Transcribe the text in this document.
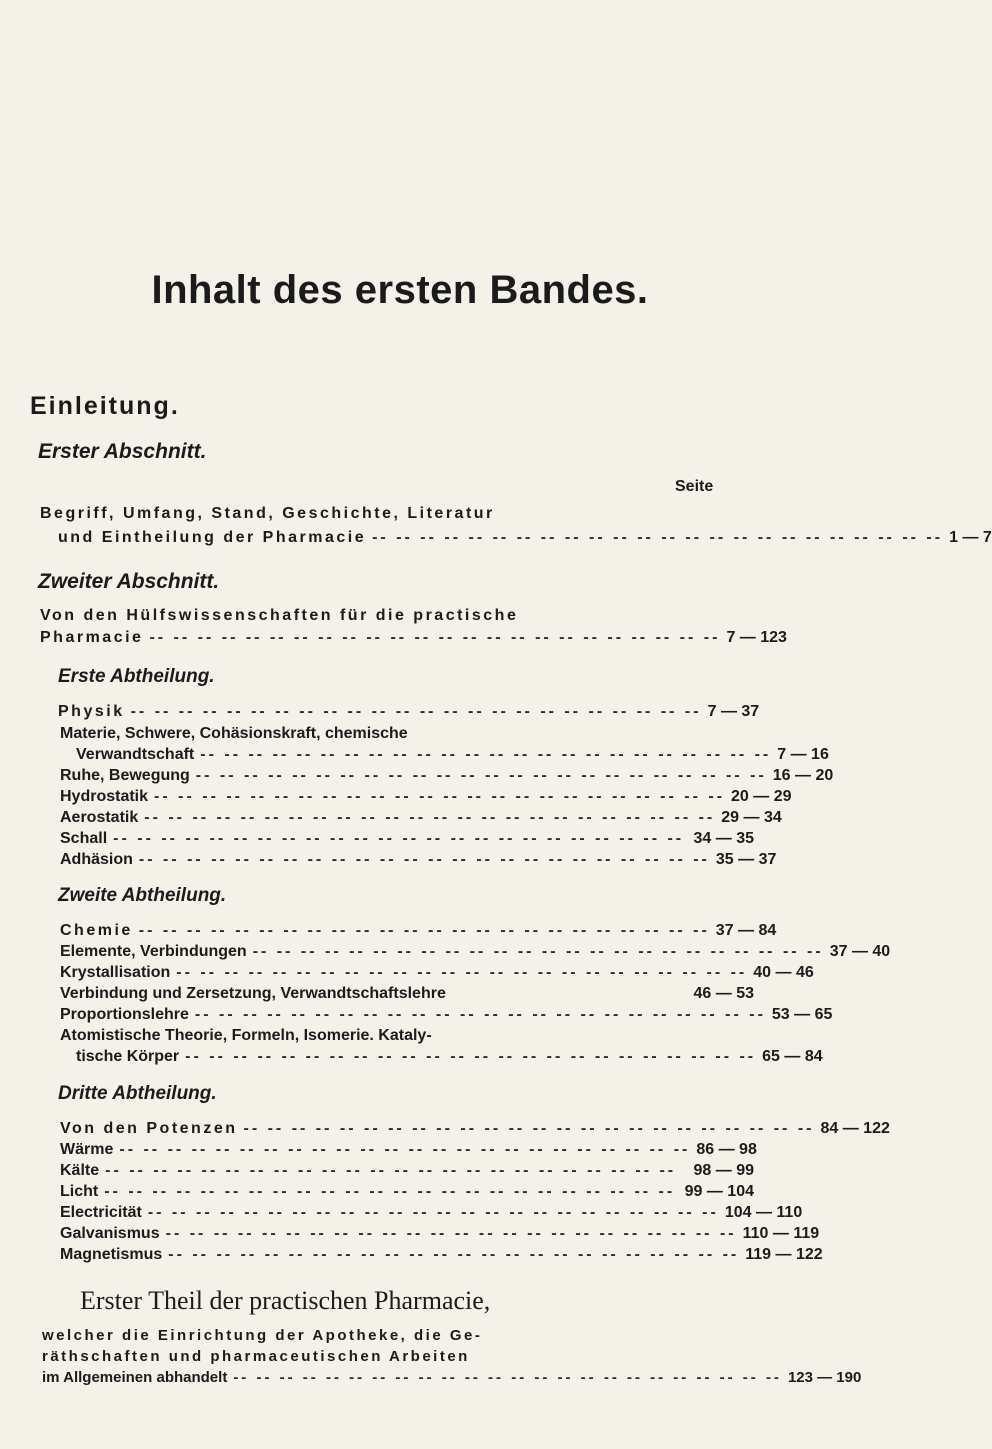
Inhalt des ersten Bandes.
Einleitung.
Erster Abschnitt.
Seite
Begriff, Umfang, Stand, Geschichte, Literatur
und Eintheilung der Pharmacie -- -- -- -- -- -- -- -- -- -- -- -- -- -- -- -- -- -- -- -- -- -- -- -- 1 — 7
Zweiter Abschnitt.
Von den Hülfswissenschaften für die practische
Pharmacie -- -- -- -- -- -- -- -- -- -- -- -- -- -- -- -- -- -- -- -- -- -- -- -- 7 — 123
Erste Abtheilung.
Physik -- -- -- -- -- -- -- -- -- -- -- -- -- -- -- -- -- -- -- -- -- -- -- -- 7 — 37
Materie, Schwere, Cohäsionskraft, chemische
Verwandtschaft -- -- -- -- -- -- -- -- -- -- -- -- -- -- -- -- -- -- -- -- -- -- -- -- 7 — 16
Ruhe, Bewegung -- -- -- -- -- -- -- -- -- -- -- -- -- -- -- -- -- -- -- -- -- -- -- -- 16 — 20
Hydrostatik -- -- -- -- -- -- -- -- -- -- -- -- -- -- -- -- -- -- -- -- -- -- -- -- 20 — 29
Aerostatik -- -- -- -- -- -- -- -- -- -- -- -- -- -- -- -- -- -- -- -- -- -- -- -- 29 — 34
Schall -- -- -- -- -- -- -- -- -- -- -- -- -- -- -- -- -- -- -- -- -- -- -- -- 34 — 35
Adhäsion -- -- -- -- -- -- -- -- -- -- -- -- -- -- -- -- -- -- -- -- -- -- -- -- 35 — 37
Zweite Abtheilung.
Chemie -- -- -- -- -- -- -- -- -- -- -- -- -- -- -- -- -- -- -- -- -- -- -- -- 37 — 84
Elemente, Verbindungen -- -- -- -- -- -- -- -- -- -- -- -- -- -- -- -- -- -- -- -- -- -- -- -- 37 — 40
Krystallisation -- -- -- -- -- -- -- -- -- -- -- -- -- -- -- -- -- -- -- -- -- -- -- -- 40 — 46
Verbindung und Zersetzung, Verwandtschaftslehre	46 — 53
Proportionslehre -- -- -- -- -- -- -- -- -- -- -- -- -- -- -- -- -- -- -- -- -- -- -- -- 53 — 65
Atomistische Theorie, Formeln, Isomerie. Kataly-
tische Körper -- -- -- -- -- -- -- -- -- -- -- -- -- -- -- -- -- -- -- -- -- -- -- -- 65 — 84
Dritte Abtheilung.
Von den Potenzen -- -- -- -- -- -- -- -- -- -- -- -- -- -- -- -- -- -- -- -- -- -- -- -- 84 — 122
Wärme -- -- -- -- -- -- -- -- -- -- -- -- -- -- -- -- -- -- -- -- -- -- -- -- 86 — 98
Kälte -- -- -- -- -- -- -- -- -- -- -- -- -- -- -- -- -- -- -- -- -- -- -- --	98 — 99
Licht -- -- -- -- -- -- -- -- -- -- -- -- -- -- -- -- -- -- -- -- -- -- -- -- 99 — 104
Electricität -- -- -- -- -- -- -- -- -- -- -- -- -- -- -- -- -- -- -- -- -- -- -- -- 104 — 110
Galvanismus -- -- -- -- -- -- -- -- -- -- -- -- -- -- -- -- -- -- -- -- -- -- -- -- 110 — 119
Magnetismus -- -- -- -- -- -- -- -- -- -- -- -- -- -- -- -- -- -- -- -- -- -- -- -- 119 — 122
Erster Theil der practischen Pharmacie,
welcher die Einrichtung der Apotheke, die Ge-
räthschaften und pharmaceutischen Arbeiten
im Allgemeinen abhandelt -- -- -- -- -- -- -- -- -- -- -- -- -- -- -- -- -- -- -- -- -- -- -- -- 123 — 190
